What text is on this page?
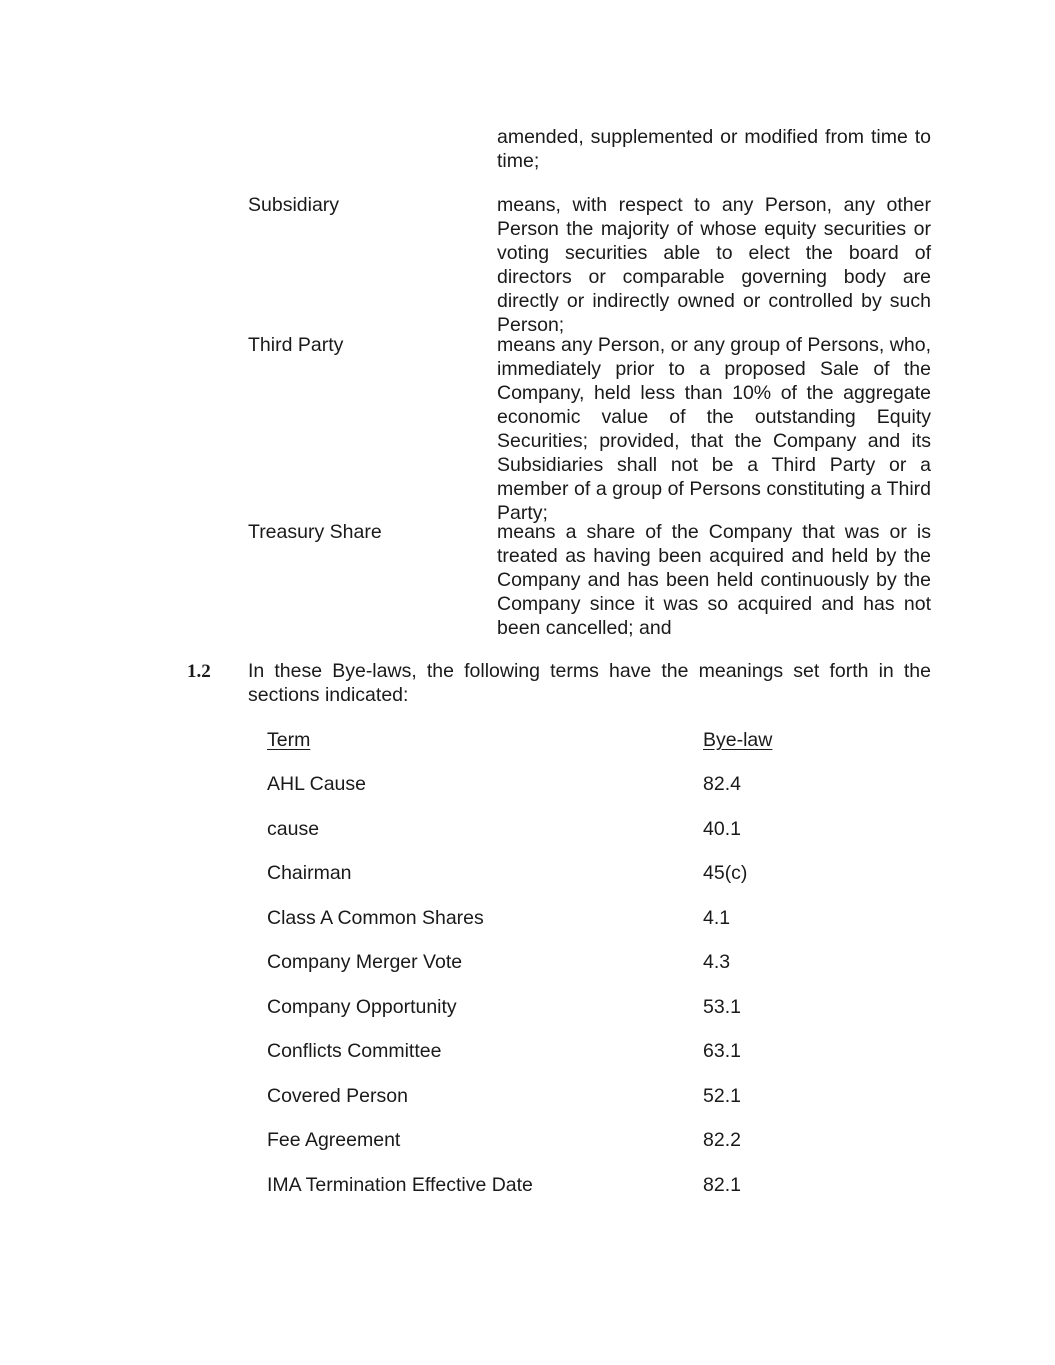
amended, supplemented or modified from time to time;
Subsidiary	means, with respect to any Person, any other Person the majority of whose equity securities or voting securities able to elect the board of directors or comparable governing body are directly or indirectly owned or controlled by such Person;
Third Party	means any Person, or any group of Persons, who, immediately prior to a proposed Sale of the Company, held less than 10% of the aggregate economic value of the outstanding Equity Securities; provided, that the Company and its Subsidiaries shall not be a Third Party or a member of a group of Persons constituting a Third Party;
Treasury Share	means a share of the Company that was or is treated as having been acquired and held by the Company and has been held continuously by the Company since it was so acquired and has not been cancelled; and
1.2 In these Bye-laws, the following terms have the meanings set forth in the sections indicated:
Term	Bye-law
AHL Cause	82.4
cause	40.1
Chairman	45(c)
Class A Common Shares	4.1
Company Merger Vote	4.3
Company Opportunity	53.1
Conflicts Committee	63.1
Covered Person	52.1
Fee Agreement	82.2
IMA Termination Effective Date	82.1
